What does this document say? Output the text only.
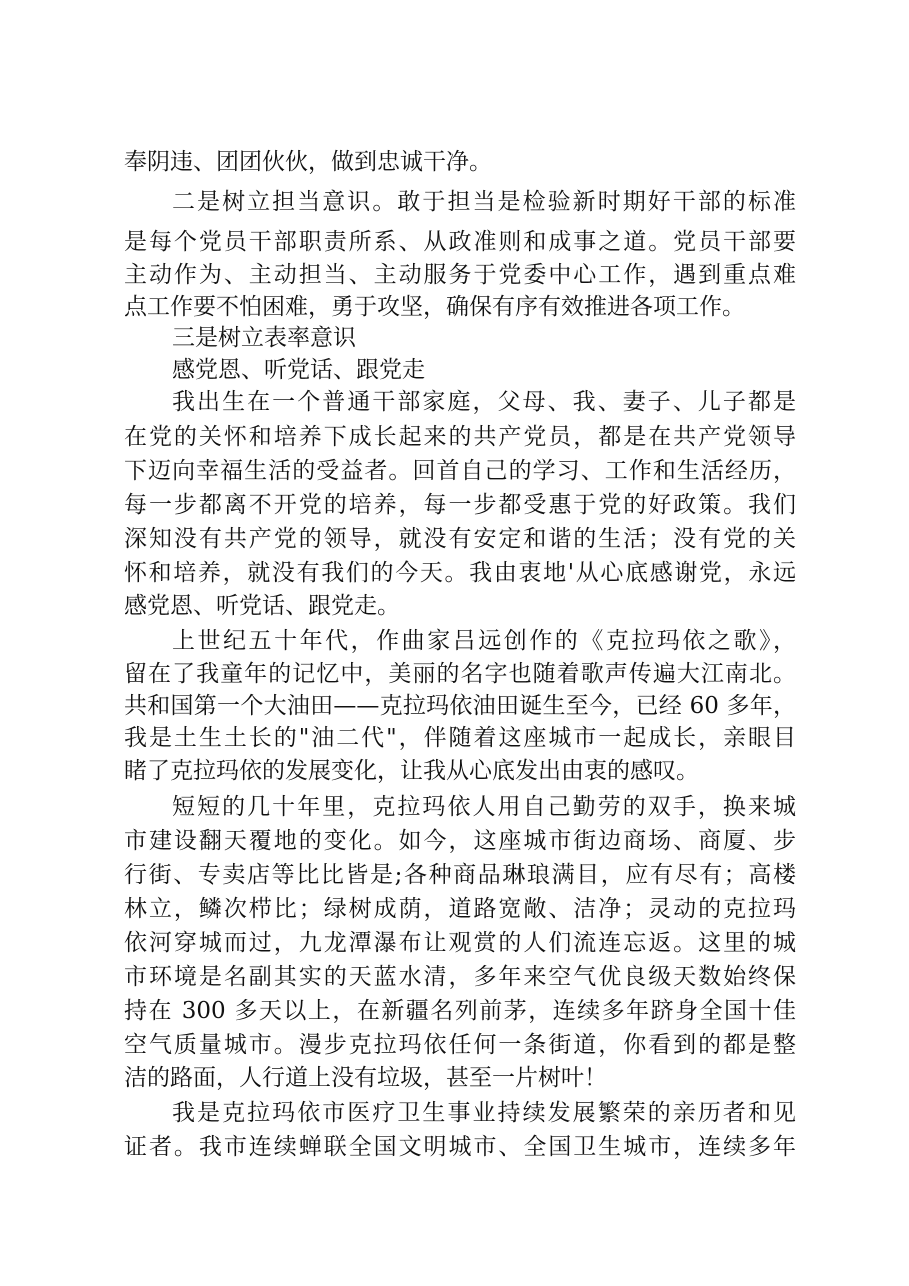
奉阴违、团团伙伙，做到忠诚干净。
二是树立担当意识。敢于担当是检验新时期好干部的标准
是每个党员干部职责所系、从政准则和成事之道。党员干部要
主动作为、主动担当、主动服务于党委中心工作，遇到重点难
点工作要不怕困难，勇于攻坚，确保有序有效推进各项工作。
三是树立表率意识
感党恩、听党话、跟党走
我出生在一个普通干部家庭，父母、我、妻子、儿子都是
在党的关怀和培养下成长起来的共产党员，都是在共产党领导
下迈向幸福生活的受益者。回首自己的学习、工作和生活经历，
每一步都离不开党的培养，每一步都受惠于党的好政策。我们
深知没有共产党的领导，就没有安定和谐的生活；没有党的关
怀和培养，就没有我们的今天。我由衷地'从心底感谢党，永远
感党恩、听党话、跟党走。
上世纪五十年代，作曲家吕远创作的《克拉玛依之歌》，
留在了我童年的记忆中，美丽的名字也随着歌声传遍大江南北。
共和国第一个大油田——克拉玛依油田诞生至今，已经 60 多年，
我是土生土长的"油二代"，伴随着这座城市一起成长，亲眼目
睹了克拉玛依的发展变化，让我从心底发出由衷的感叹。
短短的几十年里，克拉玛依人用自己勤劳的双手，换来城
市建设翻天覆地的变化。如今，这座城市街边商场、商厦、步
行街、专卖店等比比皆是;各种商品琳琅满目，应有尽有；高楼
林立，鳞次栉比；绿树成荫，道路宽敞、洁净；灵动的克拉玛
依河穿城而过，九龙潭瀑布让观赏的人们流连忘返。这里的城
市环境是名副其实的天蓝水清，多年来空气优良级天数始终保
持在 300 多天以上，在新疆名列前茅，连续多年跻身全国十佳
空气质量城市。漫步克拉玛依任何一条街道，你看到的都是整
洁的路面，人行道上没有垃圾，甚至一片树叶！
我是克拉玛依市医疗卫生事业持续发展繁荣的亲历者和见
证者。我市连续蝉联全国文明城市、全国卫生城市，连续多年
